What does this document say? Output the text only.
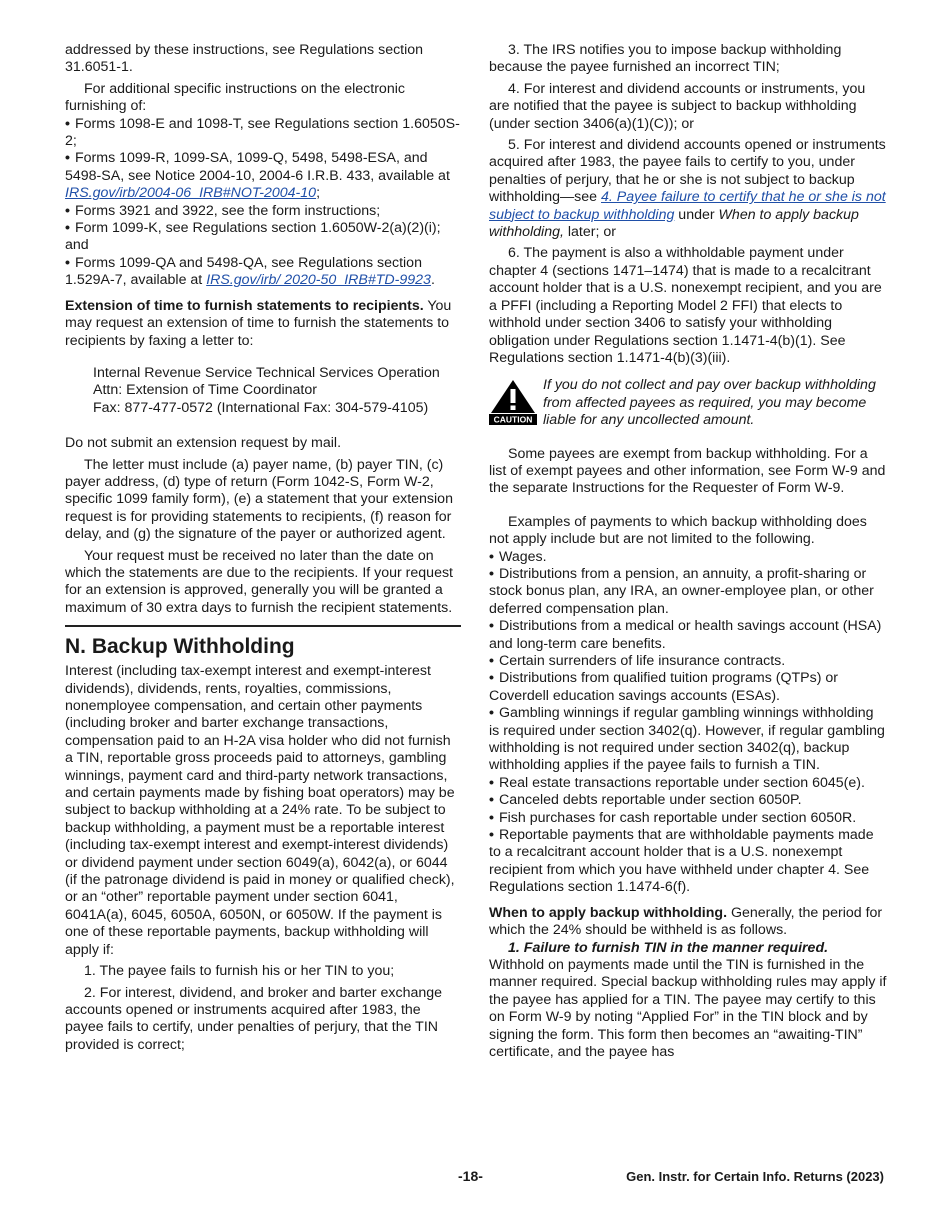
addressed by these instructions, see Regulations section 31.6051-1.

For additional specific instructions on the electronic furnishing of:

• Forms 1098-E and 1098-T, see Regulations section 1.6050S-2;

• Forms 1099-R, 1099-SA, 1099-Q, 5498, 5498-ESA, and 5498-SA, see Notice 2004-10, 2004-6 I.R.B. 433, available at IRS.gov/irb/2004-06_IRB#NOT-2004-10;

• Forms 3921 and 3922, see the form instructions;

• Form 1099-K, see Regulations section 1.6050W-2(a)(2)(i); and

• Forms 1099-QA and 5498-QA, see Regulations section 1.529A-7, available at IRS.gov/irb/ 2020-50_IRB#TD-9923.

Extension of time to furnish statements to recipients. You may request an extension of time to furnish the statements to recipients by faxing a letter to:

Internal Revenue Service Technical Services Operation

Attn: Extension of Time Coordinator

Fax: 877-477-0572 (International Fax: 304-579-4105)

Do not submit an extension request by mail.

The letter must include (a) payer name, (b) payer TIN, (c) payer address, (d) type of return (Form 1042-S, Form W-2, specific 1099 family form), (e) a statement that your extension request is for providing statements to recipients, (f) reason for delay, and (g) the signature of the payer or authorized agent.

Your request must be received no later than the date on which the statements are due to the recipients. If your request for an extension is approved, generally you will be granted a maximum of 30 extra days to furnish the recipient statements.

N. Backup Withholding

Interest (including tax-exempt interest and exempt-interest dividends), dividends, rents, royalties, commissions, nonemployee compensation, and certain other payments (including broker and barter exchange transactions, compensation paid to an H-2A visa holder who did not furnish a TIN, reportable gross proceeds paid to attorneys, gambling winnings, payment card and third-party network transactions, and certain payments made by fishing boat operators) may be subject to backup withholding at a 24% rate. To be subject to backup withholding, a payment must be a reportable interest (including tax-exempt interest and exempt-interest dividends) or dividend payment under section 6049(a), 6042(a), or 6044 (if the patronage dividend is paid in money or qualified check), or an “other” reportable payment under section 6041, 6041A(a), 6045, 6050A, 6050N, or 6050W. If the payment is one of these reportable payments, backup withholding will apply if:

1. The payee fails to furnish his or her TIN to you;

2. For interest, dividend, and broker and barter exchange accounts opened or instruments acquired after 1983, the payee fails to certify, under penalties of perjury, that the TIN provided is correct;

3. The IRS notifies you to impose backup withholding because the payee furnished an incorrect TIN;

4. For interest and dividend accounts or instruments, you are notified that the payee is subject to backup withholding (under section 3406(a)(1)(C)); or

5. For interest and dividend accounts opened or instruments acquired after 1983, the payee fails to certify to you, under penalties of perjury, that he or she is not subject to backup withholding—see 4. Payee failure to certify that he or she is not subject to backup withholding under When to apply backup withholding, later; or

6. The payment is also a withholdable payment under chapter 4 (sections 1471–1474) that is made to a recalcitrant account holder that is a U.S. nonexempt recipient, and you are a PFFI (including a Reporting Model 2 FFI) that elects to withhold under section 3406 to satisfy your withholding obligation under Regulations section 1.1471-4(b)(1). See Regulations section 1.1471-4(b)(3)(iii).

CAUTION

If you do not collect and pay over backup withholding from affected payees as required, you may become liable for any uncollected amount.

Some payees are exempt from backup withholding. For a list of exempt payees and other information, see Form W-9 and the separate Instructions for the Requester of Form W-9.

Examples of payments to which backup withholding does not apply include but are not limited to the following.

• Wages.

• Distributions from a pension, an annuity, a profit-sharing or stock bonus plan, any IRA, an owner-employee plan, or other deferred compensation plan.

• Distributions from a medical or health savings account (HSA) and long-term care benefits.

• Certain surrenders of life insurance contracts.

• Distributions from qualified tuition programs (QTPs) or Coverdell education savings accounts (ESAs).

• Gambling winnings if regular gambling winnings withholding is required under section 3402(q). However, if regular gambling withholding is not required under section 3402(q), backup withholding applies if the payee fails to furnish a TIN.

• Real estate transactions reportable under section 6045(e).

• Canceled debts reportable under section 6050P.

• Fish purchases for cash reportable under section 6050R.

• Reportable payments that are withholdable payments made to a recalcitrant account holder that is a U.S. nonexempt recipient from which you have withheld under chapter 4. See Regulations section 1.1474-6(f).

When to apply backup withholding. Generally, the period for which the 24% should be withheld is as follows.

1. Failure to furnish TIN in the manner required.

Withhold on payments made until the TIN is furnished in the manner required. Special backup withholding rules may apply if the payee has applied for a TIN. The payee may certify to this on Form W-9 by noting “Applied For” in the TIN block and by signing the form. This form then becomes an “awaiting-TIN” certificate, and the payee has

-18-	Gen. Instr. for Certain Info. Returns (2023)
